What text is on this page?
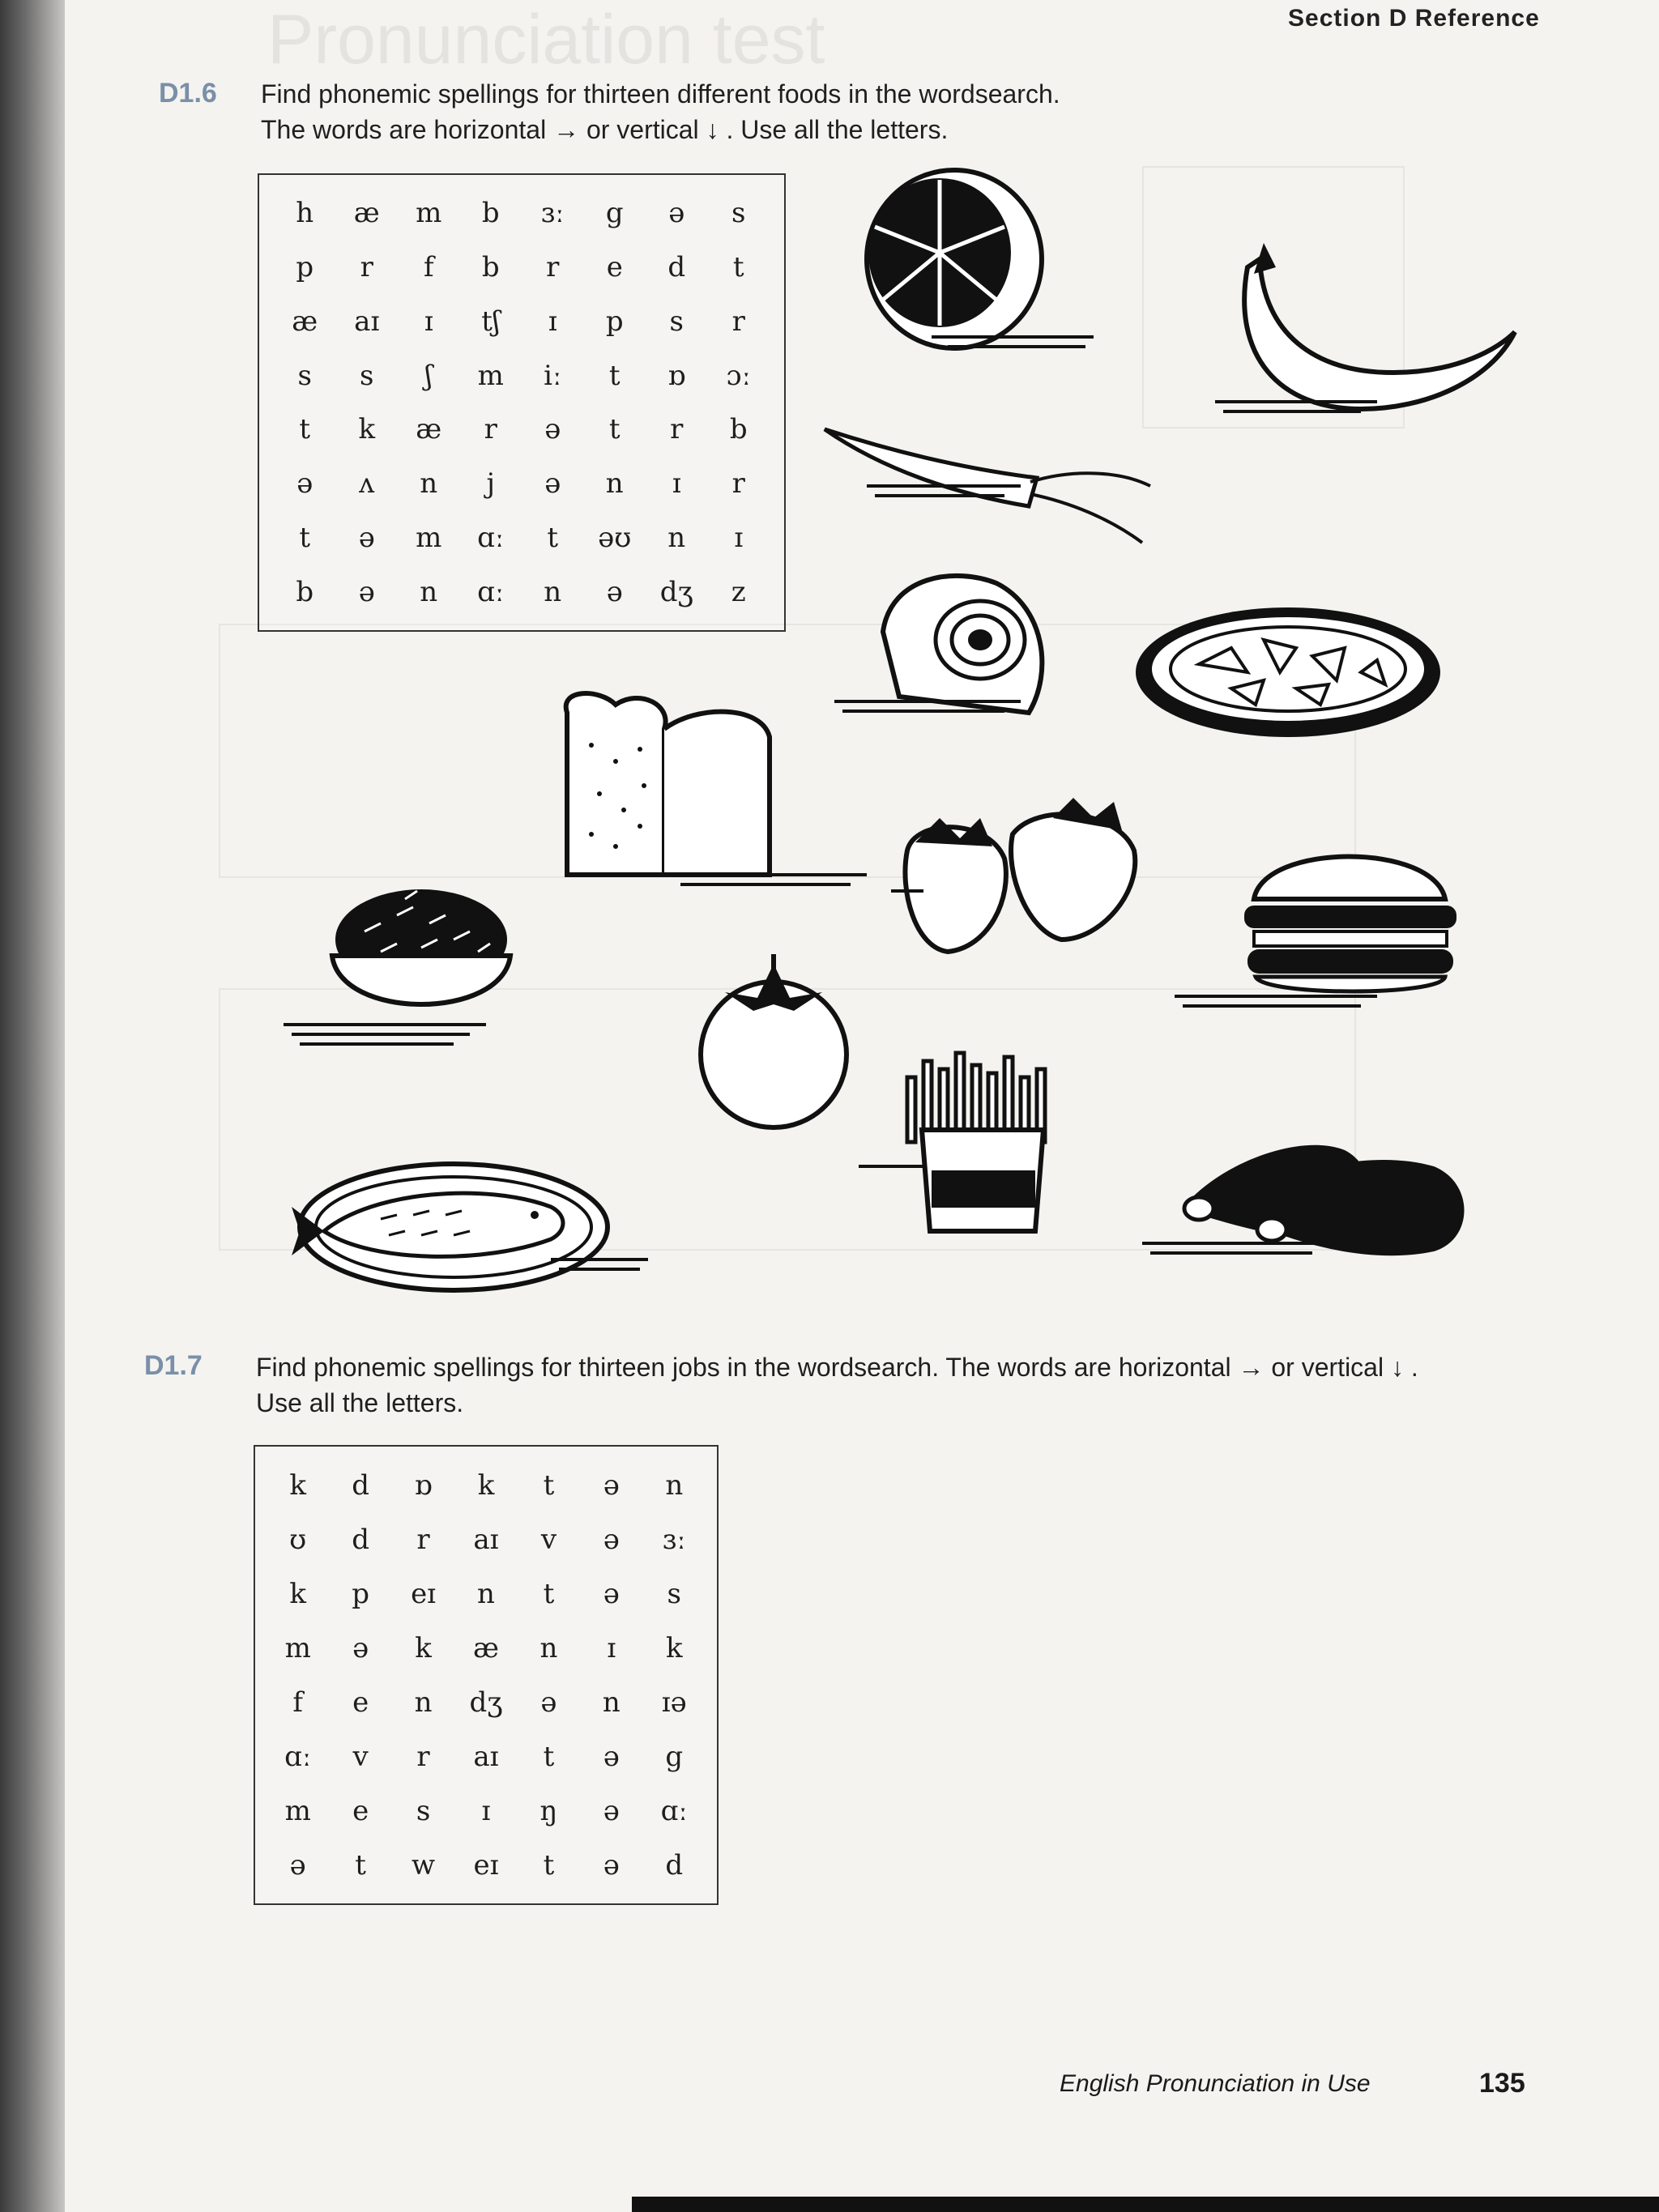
Pronunciation test	Section D Reference
D1.6 Find phonemic spellings for thirteen different foods in the wordsearch.
The words are horizontal → or vertical ↓ . Use all the letters.
h	æ	m	b	ɜː	g	ə	s
p	r	f	b	r	e	d	t
æ	aɪ	ɪ	tʃ	ɪ	p	s	r
s	s	ʃ	m	iː	t	ɒ	ɔː
t	k	æ	r	ə	t	r	b
ə	ʌ	n	j	ə	n	ɪ	r
t	ə	m	ɑː	t	əʊ	n	ɪ
b	ə	n	ɑː	n	ə	dʒ	z
D1.7 Find phonemic spellings for thirteen jobs in the wordsearch. The words are horizontal → or vertical ↓ .
Use all the letters.
k	d	ɒ	k	t	ə	n
ʊ	d	r	aɪ	v	ə	ɜː
k	p	eɪ	n	t	ə	s
m	ə	k	æ	n	ɪ	k
f	e	n	dʒ	ə	n	ɪə
ɑː	v	r	aɪ	t	ə	g
m	e	s	ɪ	ŋ	ə	ɑː
ə	t	w	eɪ	t	ə	d
English Pronunciation in Use	135
